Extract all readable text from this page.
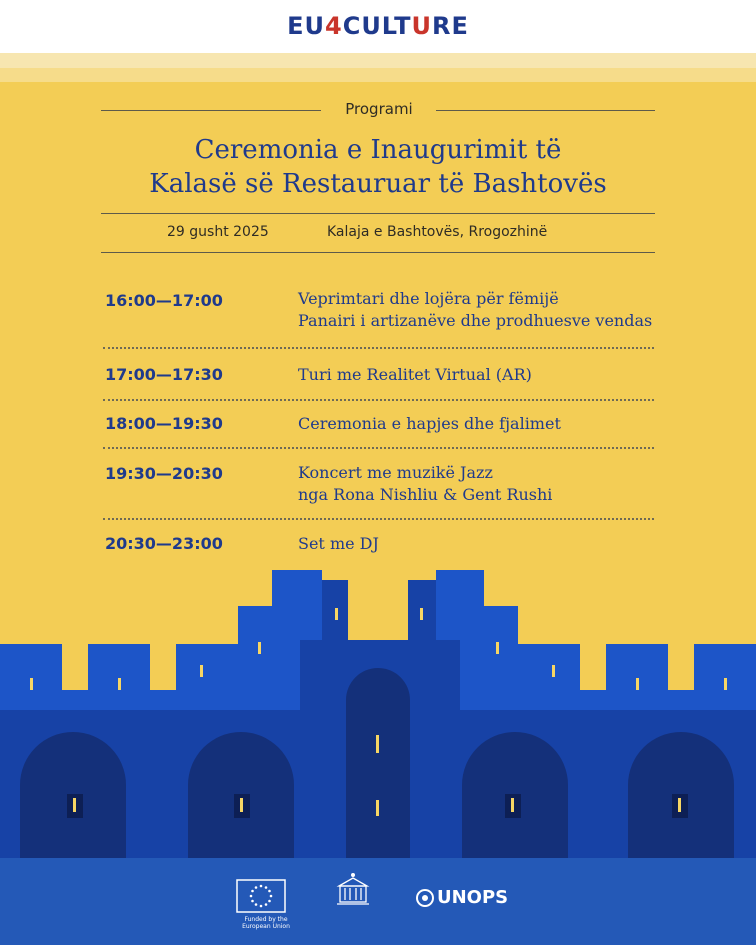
EU4CULTURE
Programi
Ceremonia e Inaugurimit të
Kalasë së Restauruar të Bashtovës
29 gusht 2025	Kalaja e Bashtovës, Rrogozhinë
16:00—17:00	Veprimtari dhe lojëra për fëmijë
Panairi i artizanëve dhe prodhuesve vendas
17:00—17:30	Turi me Realitet Virtual (AR)
18:00—19:30	Ceremonia e hapjes dhe fjalimet
19:30—20:30	Koncert me muzikë Jazz
nga Rona Nishliu & Gent Rushi
20:30—23:00	Set me DJ
Funded by the European Union
UNOPS
